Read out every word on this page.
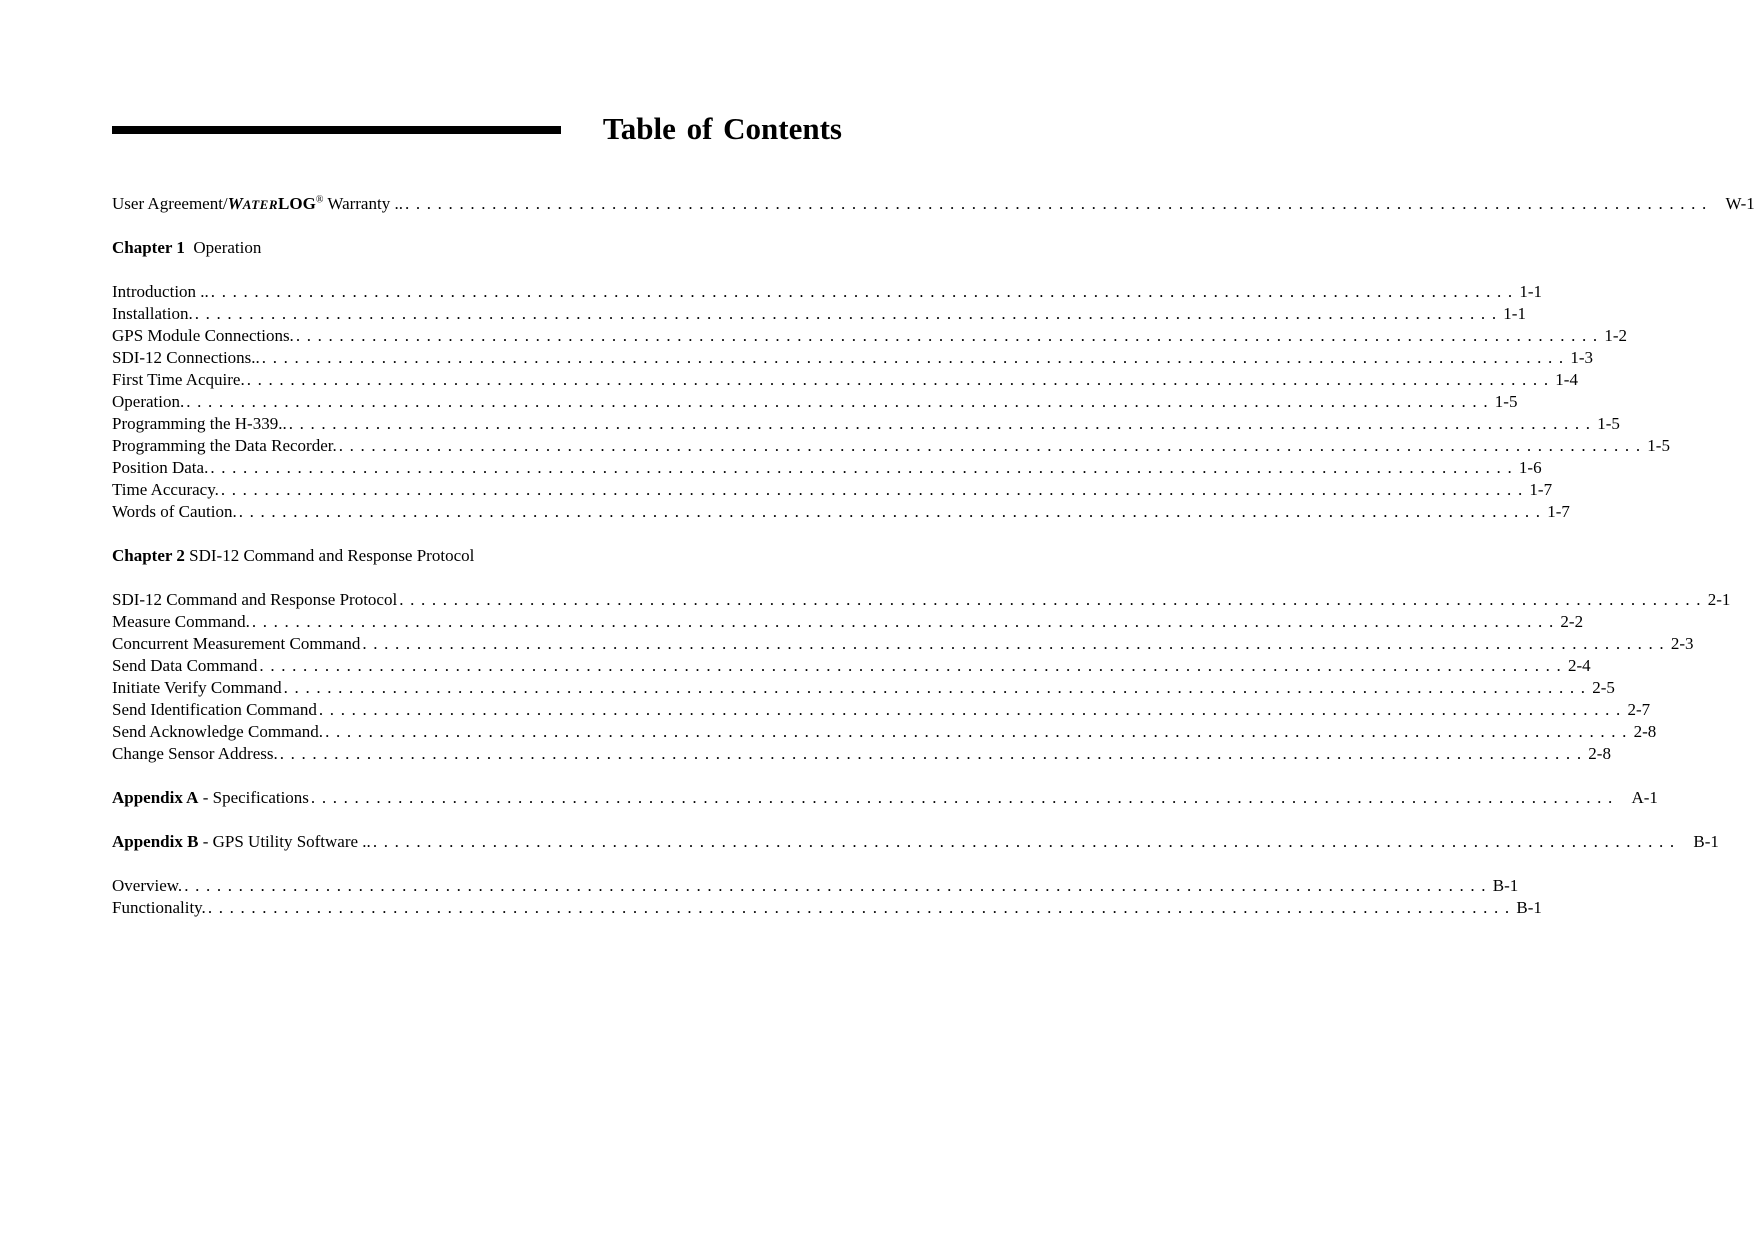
Table of Contents
User Agreement/WATERLOG® Warranty .. . . . . . . . . . . . . . . . . . . . . . . . . . . . . . . . . . . . . . . . . . . . . . . . . . . . . . . . . . . . . . . . . . . . . . . . . . . . . . . . . . . . . . . . . . . . . . . . . . . . . . . . . . . . . . . . . . . . . . . . . W-1
Chapter 1 Operation
Introduction .. . . . . . . . . . . . . . . . . . . . . . . . . . . . . . . . . . . . . . . . . . . . . . . . . . . . . . . . . . . . . . . . . . . . . . . . . . . . . . . . . . . . . . . . . . . . . . . . . . . . . . . . . . . . . . . . . . . . . . . . . 1-1
Installation. . . . . . . . . . . . . . . . . . . . . . . . . . . . . . . . . . . . . . . . . . . . . . . . . . . . . . . . . . . . . . . . . . . . . . . . . . . . . . . . . . . . . . . . . . . . . . . . . . . . . . . . . . . . . . . . . . . . . . . . . 1-1
GPS Module Connections. . . . . . . . . . . . . . . . . . . . . . . . . . . . . . . . . . . . . . . . . . . . . . . . . . . . . . . . . . . . . . . . . . . . . . . . . . . . . . . . . . . . . . . . . . . . . . . . . . . . . . . . . . . . . . . . . . . . . . . . . 1-2
SDI-12 Connections.. . . . . . . . . . . . . . . . . . . . . . . . . . . . . . . . . . . . . . . . . . . . . . . . . . . . . . . . . . . . . . . . . . . . . . . . . . . . . . . . . . . . . . . . . . . . . . . . . . . . . . . . . . . . . . . . . . . . . . . . . 1-3
First Time Acquire. . . . . . . . . . . . . . . . . . . . . . . . . . . . . . . . . . . . . . . . . . . . . . . . . . . . . . . . . . . . . . . . . . . . . . . . . . . . . . . . . . . . . . . . . . . . . . . . . . . . . . . . . . . . . . . . . . . . . . . . . 1-4
Operation. . . . . . . . . . . . . . . . . . . . . . . . . . . . . . . . . . . . . . . . . . . . . . . . . . . . . . . . . . . . . . . . . . . . . . . . . . . . . . . . . . . . . . . . . . . . . . . . . . . . . . . . . . . . . . . . . . . . . . . . . 1-5
Programming the H-339.. . . . . . . . . . . . . . . . . . . . . . . . . . . . . . . . . . . . . . . . . . . . . . . . . . . . . . . . . . . . . . . . . . . . . . . . . . . . . . . . . . . . . . . . . . . . . . . . . . . . . . . . . . . . . . . . . . . . . . . . . 1-5
Programming the Data Recorder. . . . . . . . . . . . . . . . . . . . . . . . . . . . . . . . . . . . . . . . . . . . . . . . . . . . . . . . . . . . . . . . . . . . . . . . . . . . . . . . . . . . . . . . . . . . . . . . . . . . . . . . . . . . . . . . . . . . . . . . . 1-5
Position Data. . . . . . . . . . . . . . . . . . . . . . . . . . . . . . . . . . . . . . . . . . . . . . . . . . . . . . . . . . . . . . . . . . . . . . . . . . . . . . . . . . . . . . . . . . . . . . . . . . . . . . . . . . . . . . . . . . . . . . . . . 1-6
Time Accuracy. . . . . . . . . . . . . . . . . . . . . . . . . . . . . . . . . . . . . . . . . . . . . . . . . . . . . . . . . . . . . . . . . . . . . . . . . . . . . . . . . . . . . . . . . . . . . . . . . . . . . . . . . . . . . . . . . . . . . . . . . 1-7
Words of Caution. . . . . . . . . . . . . . . . . . . . . . . . . . . . . . . . . . . . . . . . . . . . . . . . . . . . . . . . . . . . . . . . . . . . . . . . . . . . . . . . . . . . . . . . . . . . . . . . . . . . . . . . . . . . . . . . . . . . . . . . . 1-7
Chapter 2 SDI-12 Command and Response Protocol
SDI-12 Command and Response Protocol . . . . . . . . . . . . . . . . . . . . . . . . . . . . . . . . . . . . . . . . . . . . . . . . . . . . . . . . . . . . . . . . . . . . . . . . . . . . . . . . . . . . . . . . . . . . . . . . . . . . . . . . . . . . . . . . . . . . . . . . 2-1
Measure Command. . . . . . . . . . . . . . . . . . . . . . . . . . . . . . . . . . . . . . . . . . . . . . . . . . . . . . . . . . . . . . . . . . . . . . . . . . . . . . . . . . . . . . . . . . . . . . . . . . . . . . . . . . . . . . . . . . . . . . . . . 2-2
Concurrent Measurement Command . . . . . . . . . . . . . . . . . . . . . . . . . . . . . . . . . . . . . . . . . . . . . . . . . . . . . . . . . . . . . . . . . . . . . . . . . . . . . . . . . . . . . . . . . . . . . . . . . . . . . . . . . . . . . . . . . . . . . . . . 2-3
Send Data Command . . . . . . . . . . . . . . . . . . . . . . . . . . . . . . . . . . . . . . . . . . . . . . . . . . . . . . . . . . . . . . . . . . . . . . . . . . . . . . . . . . . . . . . . . . . . . . . . . . . . . . . . . . . . . . . . . . . . . . . . 2-4
Initiate Verify Command . . . . . . . . . . . . . . . . . . . . . . . . . . . . . . . . . . . . . . . . . . . . . . . . . . . . . . . . . . . . . . . . . . . . . . . . . . . . . . . . . . . . . . . . . . . . . . . . . . . . . . . . . . . . . . . . . . . . . . . . 2-5
Send Identification Command . . . . . . . . . . . . . . . . . . . . . . . . . . . . . . . . . . . . . . . . . . . . . . . . . . . . . . . . . . . . . . . . . . . . . . . . . . . . . . . . . . . . . . . . . . . . . . . . . . . . . . . . . . . . . . . . . . . . . . . . 2-7
Send Acknowledge Command. . . . . . . . . . . . . . . . . . . . . . . . . . . . . . . . . . . . . . . . . . . . . . . . . . . . . . . . . . . . . . . . . . . . . . . . . . . . . . . . . . . . . . . . . . . . . . . . . . . . . . . . . . . . . . . . . . . . . . . . . 2-8
Change Sensor Address. . . . . . . . . . . . . . . . . . . . . . . . . . . . . . . . . . . . . . . . . . . . . . . . . . . . . . . . . . . . . . . . . . . . . . . . . . . . . . . . . . . . . . . . . . . . . . . . . . . . . . . . . . . . . . . . . . . . . . . . . 2-8
Appendix A - Specifications . . . . . . . . . . . . . . . . . . . . . . . . . . . . . . . . . . . . . . . . . . . . . . . . . . . . . . . . . . . . . . . . . . . . . . . . . . . . . . . . . . . . . . . . . . . . . . . . . . . . . . . . . . . . . . . . . . . . . . . . A-1
Appendix B - GPS Utility Software .. . . . . . . . . . . . . . . . . . . . . . . . . . . . . . . . . . . . . . . . . . . . . . . . . . . . . . . . . . . . . . . . . . . . . . . . . . . . . . . . . . . . . . . . . . . . . . . . . . . . . . . . . . . . . . . . . . . . . . . . . B-1
Overview. . . . . . . . . . . . . . . . . . . . . . . . . . . . . . . . . . . . . . . . . . . . . . . . . . . . . . . . . . . . . . . . . . . . . . . . . . . . . . . . . . . . . . . . . . . . . . . . . . . . . . . . . . . . . . . . . . . . . . . . . B-1
Functionality. . . . . . . . . . . . . . . . . . . . . . . . . . . . . . . . . . . . . . . . . . . . . . . . . . . . . . . . . . . . . . . . . . . . . . . . . . . . . . . . . . . . . . . . . . . . . . . . . . . . . . . . . . . . . . . . . . . . . . . . . B-1
